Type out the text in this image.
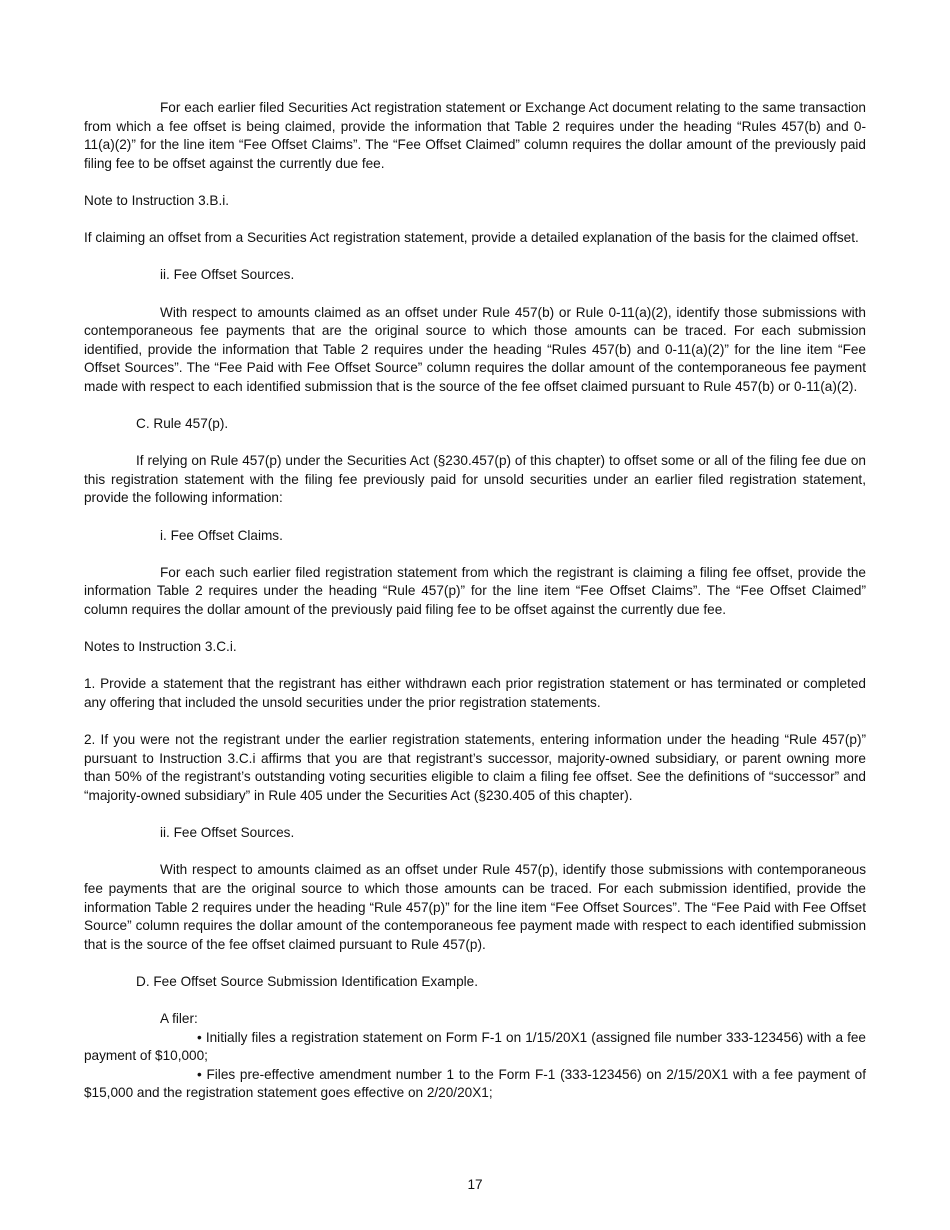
For each earlier filed Securities Act registration statement or Exchange Act document relating to the same transaction from which a fee offset is being claimed, provide the information that Table 2 requires under the heading “Rules 457(b) and 0-11(a)(2)” for the line item “Fee Offset Claims”. The “Fee Offset Claimed” column requires the dollar amount of the previously paid filing fee to be offset against the currently due fee.

Note to Instruction 3.B.i.

If claiming an offset from a Securities Act registration statement, provide a detailed explanation of the basis for the claimed offset.

ii. Fee Offset Sources.

With respect to amounts claimed as an offset under Rule 457(b) or Rule 0-11(a)(2), identify those submissions with contemporaneous fee payments that are the original source to which those amounts can be traced. For each submission identified, provide the information that Table 2 requires under the heading “Rules 457(b) and 0-11(a)(2)” for the line item “Fee Offset Sources”. The “Fee Paid with Fee Offset Source” column requires the dollar amount of the contemporaneous fee payment made with respect to each identified submission that is the source of the fee offset claimed pursuant to Rule 457(b) or 0-11(a)(2).

C. Rule 457(p).

If relying on Rule 457(p) under the Securities Act (§230.457(p) of this chapter) to offset some or all of the filing fee due on this registration statement with the filing fee previously paid for unsold securities under an earlier filed registration statement, provide the following information:

i. Fee Offset Claims.

For each such earlier filed registration statement from which the registrant is claiming a filing fee offset, provide the information Table 2 requires under the heading “Rule 457(p)” for the line item “Fee Offset Claims”. The “Fee Offset Claimed” column requires the dollar amount of the previously paid filing fee to be offset against the currently due fee.

Notes to Instruction 3.C.i.

1. Provide a statement that the registrant has either withdrawn each prior registration statement or has terminated or completed any offering that included the unsold securities under the prior registration statements.

2. If you were not the registrant under the earlier registration statements, entering information under the heading “Rule 457(p)” pursuant to Instruction 3.C.i affirms that you are that registrant’s successor, majority-owned subsidiary, or parent owning more than 50% of the registrant’s outstanding voting securities eligible to claim a filing fee offset. See the definitions of “successor” and “majority-owned subsidiary” in Rule 405 under the Securities Act (§230.405 of this chapter).

ii. Fee Offset Sources.

With respect to amounts claimed as an offset under Rule 457(p), identify those submissions with contemporaneous fee payments that are the original source to which those amounts can be traced. For each submission identified, provide the information Table 2 requires under the heading “Rule 457(p)” for the line item “Fee Offset Sources”. The “Fee Paid with Fee Offset Source” column requires the dollar amount of the contemporaneous fee payment made with respect to each identified submission that is the source of the fee offset claimed pursuant to Rule 457(p).

D. Fee Offset Source Submission Identification Example.

A filer:

• Initially files a registration statement on Form F-1 on 1/15/20X1 (assigned file number 333-123456) with a fee payment of $10,000;

• Files pre-effective amendment number 1 to the Form F-1 (333-123456) on 2/15/20X1 with a fee payment of $15,000 and the registration statement goes effective on 2/20/20X1;

17
